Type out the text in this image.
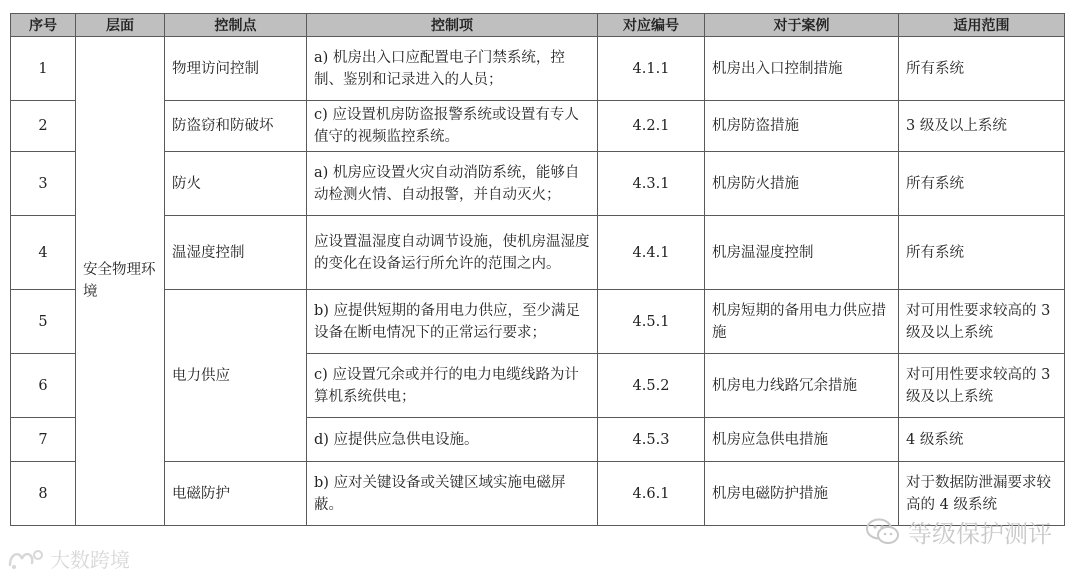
序号	层面	控制点	控制项	对应编号	对于案例	适用范围
1	安全物理环境	物理访问控制	a) 机房出入口应配置电子门禁系统，控制、鉴别和记录进入的人员；	4.1.1	机房出入口控制措施	所有系统
2		防盗窃和防破坏	c) 应设置机房防盗报警系统或设置有专人值守的视频监控系统。	4.2.1	机房防盗措施	3 级及以上系统
3		防火	a) 机房应设置火灾自动消防系统，能够自动检测火情、自动报警，并自动灭火；	4.3.1	机房防火措施	所有系统
4		温湿度控制	应设置温湿度自动调节设施，使机房温湿度的变化在设备运行所允许的范围之内。	4.4.1	机房温湿度控制	所有系统
5		电力供应	b) 应提供短期的备用电力供应，至少满足设备在断电情况下的正常运行要求；	4.5.1	机房短期的备用电力供应措施	对可用性要求较高的 3 级及以上系统
6			c) 应设置冗余或并行的电力电缆线路为计算机系统供电；	4.5.2	机房电力线路冗余措施	对可用性要求较高的 3 级及以上系统
7			d) 应提供应急供电设施。	4.5.3	机房应急供电措施	4 级系统
8		电磁防护	b) 应对关键设备或关键区域实施电磁屏蔽。	4.6.1	机房电磁防护措施	对于数据防泄漏要求较高的 4 级系统
等级保护测评
大数跨境
